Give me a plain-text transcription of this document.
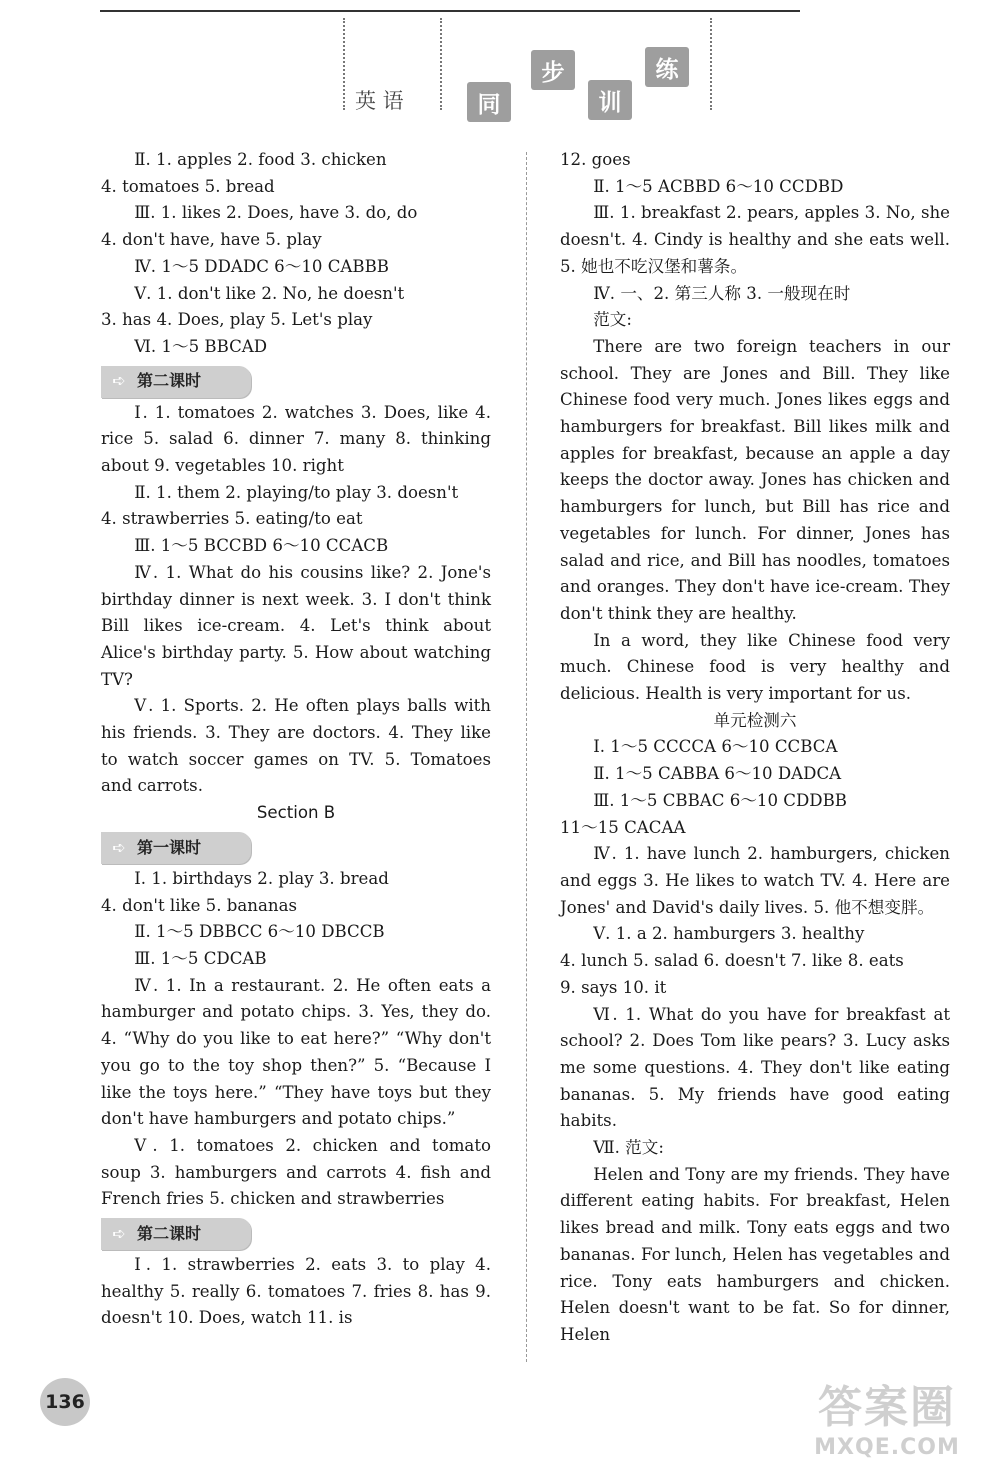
英 语	同
步
训
练

Ⅱ. 1. apples 2. food 3. chicken

4. tomatoes 5. bread

Ⅲ. 1. likes 2. Does, have 3. do, do

4. don't have, have 5. play

Ⅳ. 1～5 DDADC 6～10 CABBB

Ⅴ. 1. don't like 2. No, he doesn't

3. has 4. Does, play 5. Let's play

Ⅵ. 1～5 BBCAD

➪ 第二课时

Ⅰ. 1. tomatoes 2. watches 3. Does, like 4. rice 5. salad 6. dinner 7. many 8. thinking about 9. vegetables 10. right

Ⅱ. 1. them 2. playing/to play 3. doesn't

4. strawberries 5. eating/to eat

Ⅲ. 1～5 BCCBD 6～10 CCACB

Ⅳ. 1. What do his cousins like? 2. Jone's birthday dinner is next week. 3. I don't think Bill likes ice-cream. 4. Let's think about Alice's birthday party. 5. How about watching TV?

Ⅴ. 1. Sports. 2. He often plays balls with his friends. 3. They are doctors. 4. They like to watch soccer games on TV. 5. Tomatoes and carrots.

Section B

➪ 第一课时

Ⅰ. 1. birthdays 2. play 3. bread

4. don't like 5. bananas

Ⅱ. 1～5 DBBCC 6～10 DBCCB

Ⅲ. 1～5 CDCAB

Ⅳ. 1. In a restaurant. 2. He often eats a hamburger and potato chips. 3. Yes, they do. 4. “Why do you like to eat here?” “Why don't you go to the toy shop then?” 5. “Because I like the toys here.” “They have toys but they don't have hamburgers and potato chips.”

Ⅴ. 1. tomatoes 2. chicken and tomato soup 3. hamburgers and carrots 4. fish and French fries 5. chicken and strawberries

➪ 第二课时

Ⅰ. 1. strawberries 2. eats 3. to play 4. healthy 5. really 6. tomatoes 7. fries 8. has 9. doesn't 10. Does, watch 11. is

12. goes

Ⅱ. 1～5 ACBBD 6～10 CCDBD

Ⅲ. 1. breakfast 2. pears, apples 3. No, she doesn't. 4. Cindy is healthy and she eats well. 5. 她也不吃汉堡和薯条。

Ⅳ. 一、2. 第三人称 3. 一般现在时

范文:

There are two foreign teachers in our school. They are Jones and Bill. They like Chinese food very much. Jones likes eggs and hamburgers for breakfast. Bill likes milk and apples for breakfast, because an apple a day keeps the doctor away. Jones has chicken and hamburgers for lunch, but Bill has rice and vegetables for lunch. For dinner, Jones has salad and rice, and Bill has noodles, tomatoes and oranges. They don't have ice-cream. They don't think they are healthy.

In a word, they like Chinese food very much. Chinese food is very healthy and delicious. Health is very important for us.

单元检测六

Ⅰ. 1～5 CCCCA 6～10 CCBCA

Ⅱ. 1～5 CABBA 6～10 DADCA

Ⅲ. 1～5 CBBAC 6～10 CDDBB

11～15 CACAA

Ⅳ. 1. have lunch 2. hamburgers, chicken and eggs 3. He likes to watch TV. 4. Here are Jones' and David's daily lives. 5. 他不想变胖。

Ⅴ. 1. a 2. hamburgers 3. healthy

4. lunch 5. salad 6. doesn't 7. like 8. eats

9. says 10. it

Ⅵ. 1. What do you have for breakfast at school? 2. Does Tom like pears? 3. Lucy asks me some questions. 4. They don't like eating bananas. 5. My friends have good eating habits.

Ⅶ. 范文:

Helen and Tony are my friends. They have different eating habits. For breakfast, Helen likes bread and milk. Tony eats eggs and two bananas. For lunch, Helen has vegetables and rice. Tony eats hamburgers and chicken. Helen doesn't want to be fat. So for dinner, Helen

136	答案圈
MXQE.COM
